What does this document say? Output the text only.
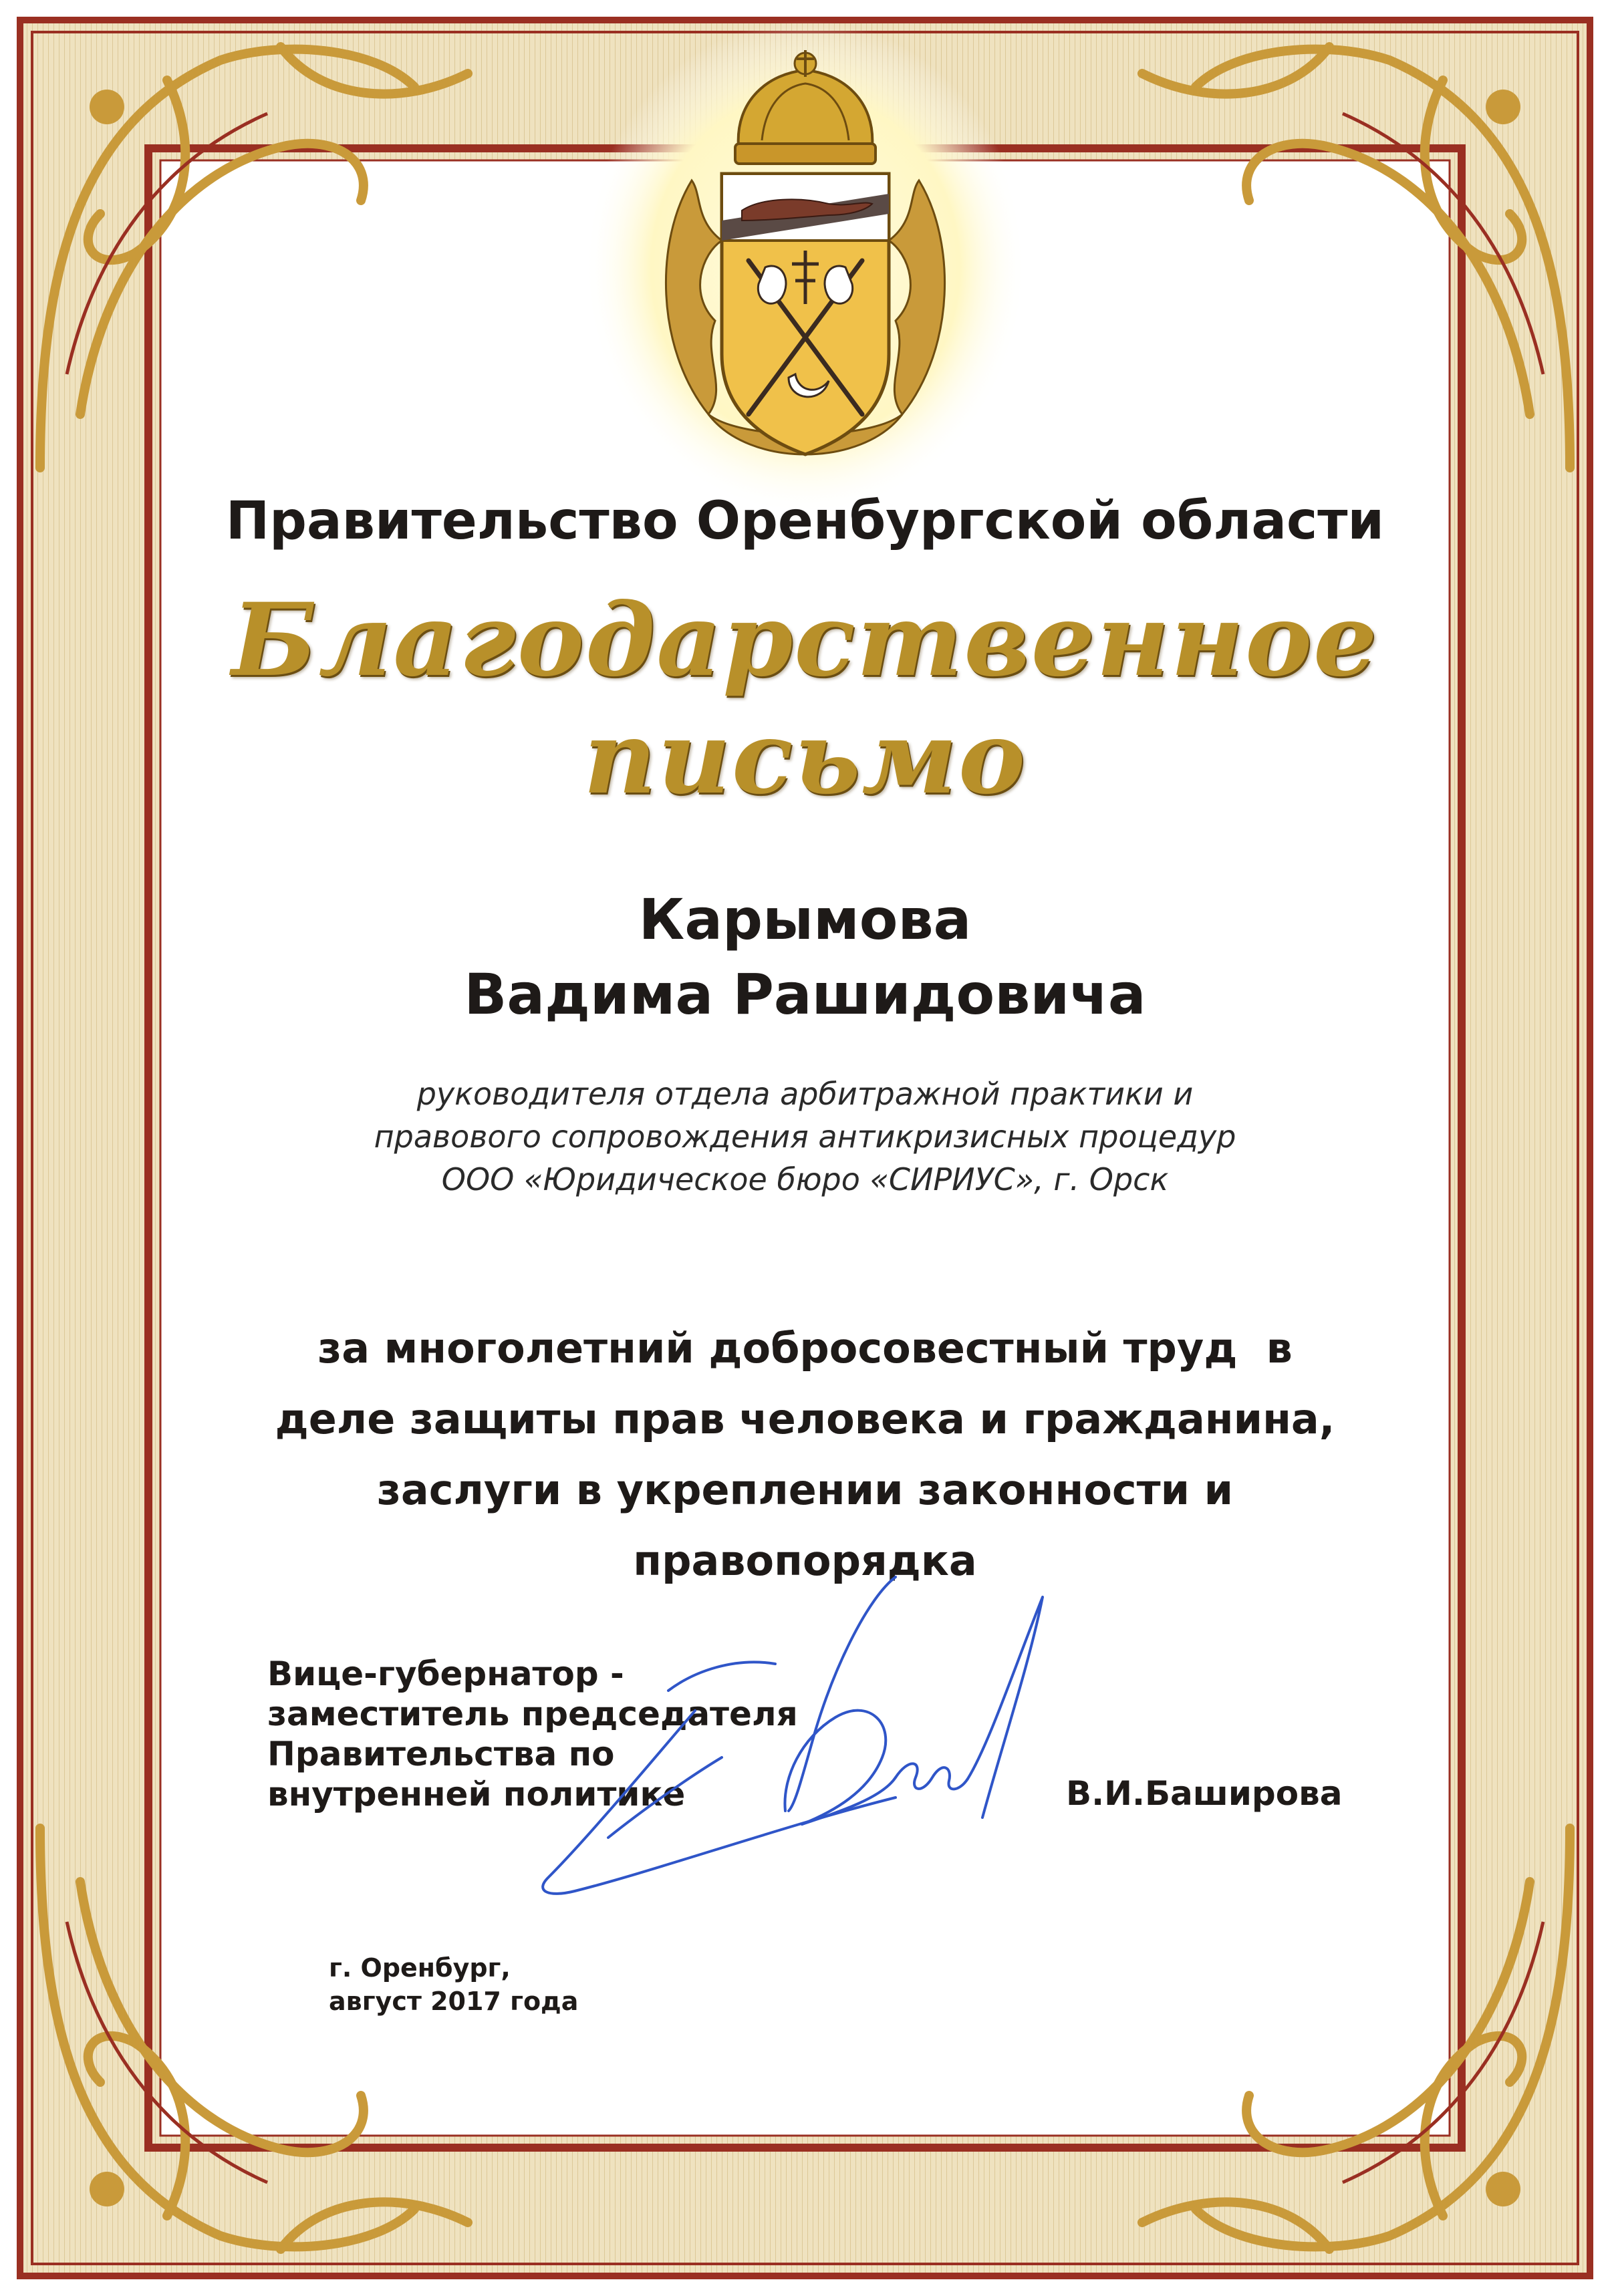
Правительство Оренбургской области
Благодарственное письмо
Карымова
Вадима Рашидовича
руководителя отдела арбитражной практики и
правового сопровождения антикризисных процедур
ООО «Юридическое бюро «СИРИУС», г. Орск
за многолетний добросовестный труд  в
деле защиты прав человека и гражданина,
заслуги в укреплении законности и
правопорядка
Вице-губернатор -
заместитель председателя
Правительства по
внутренней политике	В.И.Баширова
г. Оренбург,
август 2017 года
